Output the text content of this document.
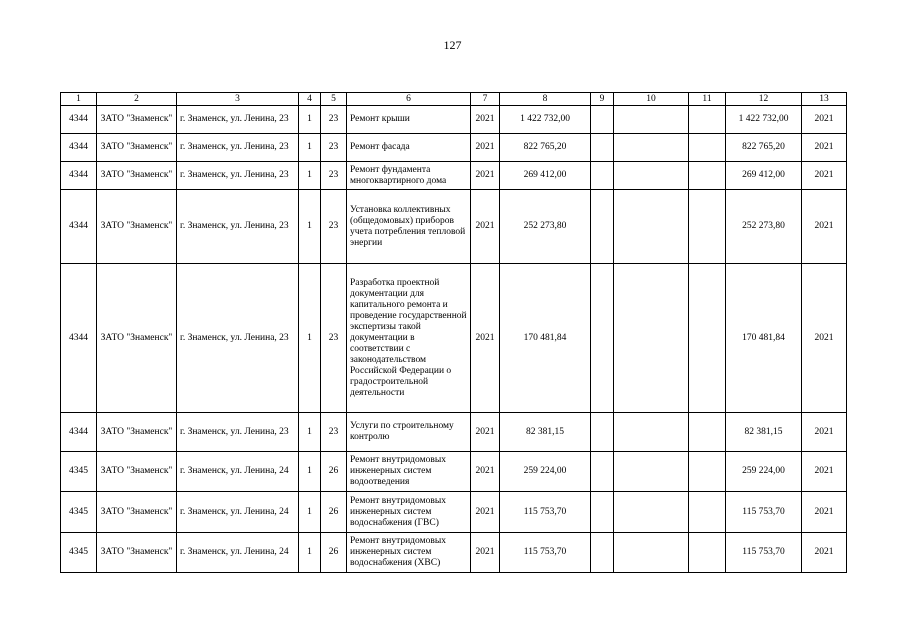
127
1	2	3	4	5	6	7	8	9	10	11	12	13
4344	ЗАТО "Знаменск"	г. Знаменск, ул. Ленина, 23	1	23	Ремонт крыши	2021	1 422 732,00				1 422 732,00	2021
4344	ЗАТО "Знаменск"	г. Знаменск, ул. Ленина, 23	1	23	Ремонт фасада	2021	822 765,20				822 765,20	2021
4344	ЗАТО "Знаменск"	г. Знаменск, ул. Ленина, 23	1	23	Ремонт фундамента многоквартирного дома	2021	269 412,00				269 412,00	2021
4344	ЗАТО "Знаменск"	г. Знаменск, ул. Ленина, 23	1	23	Установка коллективных (общедомовых) приборов учета потребления тепловой энергии	2021	252 273,80				252 273,80	2021
4344	ЗАТО "Знаменск"	г. Знаменск, ул. Ленина, 23	1	23	Разработка проектной документации для капитального ремонта и проведение государственной экспертизы такой документации в соответствии с законодательством Российской Федерации о градостроительной деятельности	2021	170 481,84				170 481,84	2021
4344	ЗАТО "Знаменск"	г. Знаменск, ул. Ленина, 23	1	23	Услуги по строительному контролю	2021	82 381,15				82 381,15	2021
4345	ЗАТО "Знаменск"	г. Знаменск, ул. Ленина, 24	1	26	Ремонт внутридомовых инженерных систем водоотведения	2021	259 224,00				259 224,00	2021
4345	ЗАТО "Знаменск"	г. Знаменск, ул. Ленина, 24	1	26	Ремонт внутридомовых инженерных систем водоснабжения (ГВС)	2021	115 753,70				115 753,70	2021
4345	ЗАТО "Знаменск"	г. Знаменск, ул. Ленина, 24	1	26	Ремонт внутридомовых инженерных систем водоснабжения (ХВС)	2021	115 753,70				115 753,70	2021
